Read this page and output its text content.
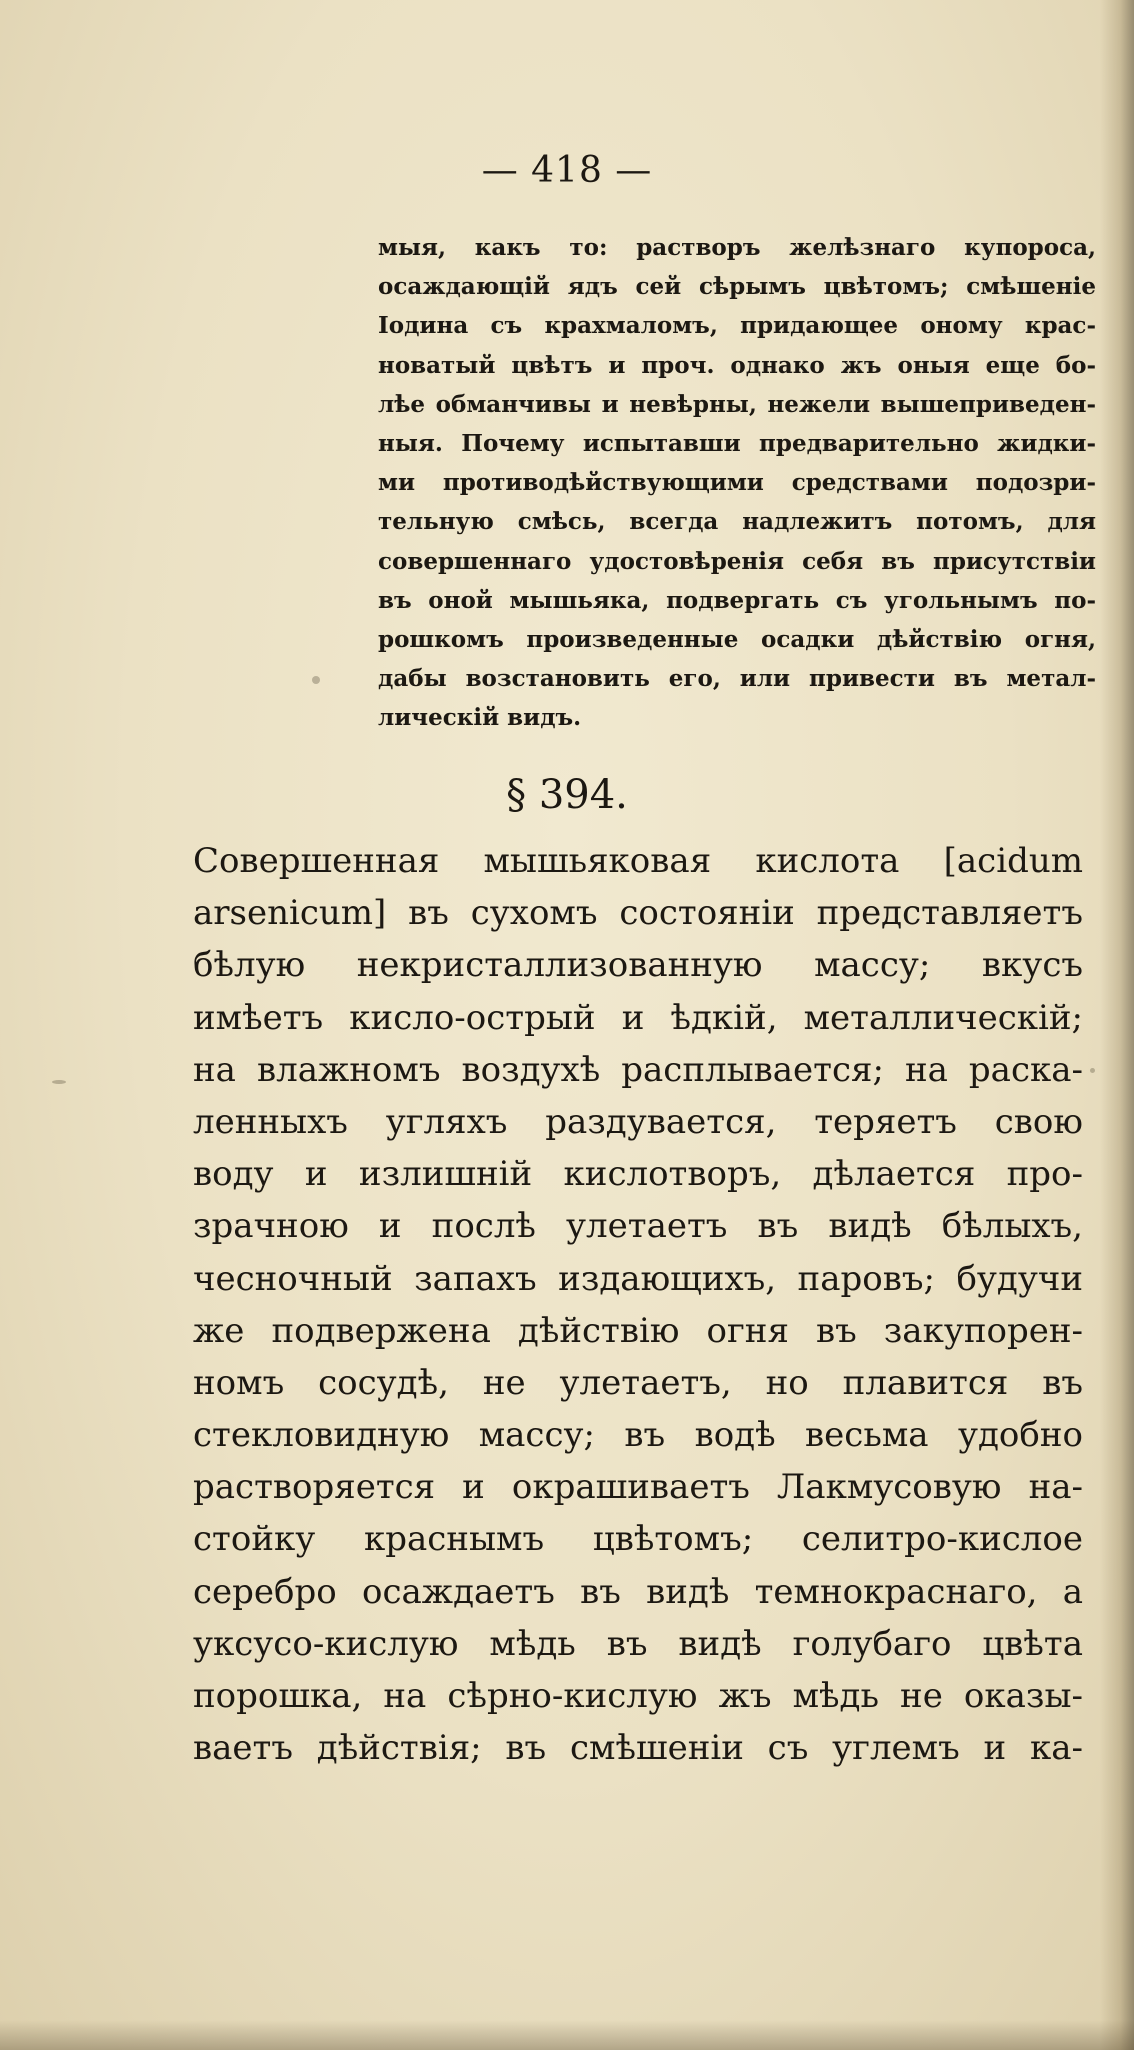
— 418 —
мыя, какъ то: растворъ желѣзнаго купороса,
осаждающій ядъ сей сѣрымъ цвѣтомъ; смѣшеніе
Іодина съ крахмаломъ, придающее оному крас-
новатый цвѣтъ и проч. однако жъ оныя еще бо-
лѣе обманчивы и невѣрны, нежели вышеприведен-
ныя. Почему испытавши предварительно жидки-
ми противодѣйствующими средствами подозри-
тельную смѣсь, всегда надлежитъ потомъ, для
совершеннаго удостовѣренія себя въ присутствіи
въ оной мышьяка, подвергать съ угольнымъ по-
рошкомъ произведенные осадки дѣйствію огня,
дабы возстановить его, или привести въ метал-
лическій видъ.
§ 394.
Совершенная мышьяковая кислота [acidum
arsenicum] въ сухомъ состояніи представляетъ
бѣлую некристаллизованную массу; вкусъ
имѣетъ кисло-острый и ѣдкій, металлическій;
на влажномъ воздухѣ расплывается; на раска-
ленныхъ угляхъ раздувается, теряетъ свою
воду и излишній кислотворъ, дѣлается про-
зрачною и послѣ улетаетъ въ видѣ бѣлыхъ,
чесночный запахъ издающихъ, паровъ; будучи
же подвержена дѣйствію огня въ закупорен-
номъ сосудѣ, не улетаетъ, но плавится въ
стекловидную массу; въ водѣ весьма удобно
растворяется и окрашиваетъ Лакмусовую на-
стойку краснымъ цвѣтомъ; селитро-кислое
серебро осаждаетъ въ видѣ темнокраснаго, а
уксусо-кислую мѣдь въ видѣ голубаго цвѣта
порошка, на сѣрно-кислую жъ мѣдь не оказы-
ваетъ дѣйствія; въ смѣшеніи съ углемъ и ка-
